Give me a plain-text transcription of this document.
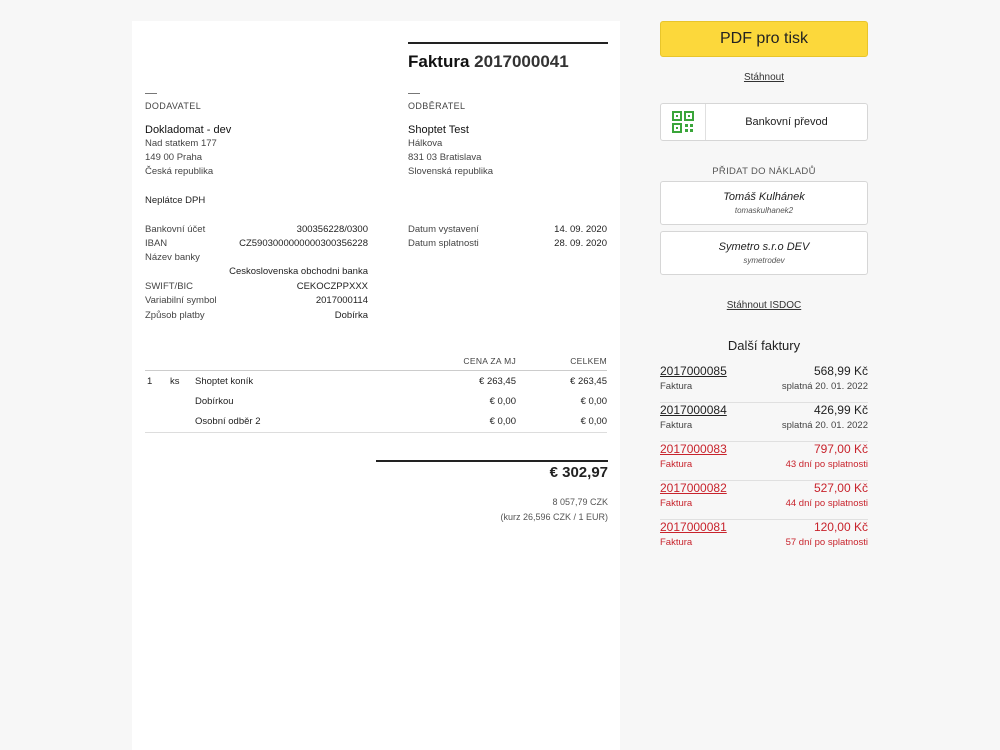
Faktura 2017000041
DODAVATEL
Dokladomat - dev
Nad statkem 177
149 00 Praha
Česká republika
Neplátce DPH
ODBĚRATEL
Shoptet Test
Hálkova
831 03 Bratislava
Slovenská republika
Bankovní účet	300356228/0300
IBAN	CZ5903000000000300356228
Název banky
Ceskoslovenska obchodni banka
SWIFT/BIC	CEKOCZPPXXX
Variabilní symbol	2017000114
Způsob platby	Dobírka
Datum vystavení	14. 09. 2020
Datum splatnosti	28. 09. 2020
CENA ZA MJ	CELKEM
1 ks Shoptet koník	€ 263,45	€ 263,45
Dobírkou	€ 0,00	€ 0,00
Osobní odběr 2	€ 0,00	€ 0,00
€ 302,97
8 057,79 CZK
(kurz 26,596 CZK / 1 EUR)
PDF pro tisk
Stáhnout
Bankovní převod
PŘIDAT DO NÁKLADŮ
Tomáš Kulhánek
tomaskulhanek2
Symetro s.r.o DEV
symetrodev
Stáhnout ISDOC
Další faktury
2017000085	568,99 Kč
Faktura	splatná 20. 01. 2022
2017000084	426,99 Kč
Faktura	splatná 20. 01. 2022
2017000083	797,00 Kč
Faktura	43 dní po splatnosti
2017000082	527,00 Kč
Faktura	44 dní po splatnosti
2017000081	120,00 Kč
Faktura	57 dní po splatnosti
